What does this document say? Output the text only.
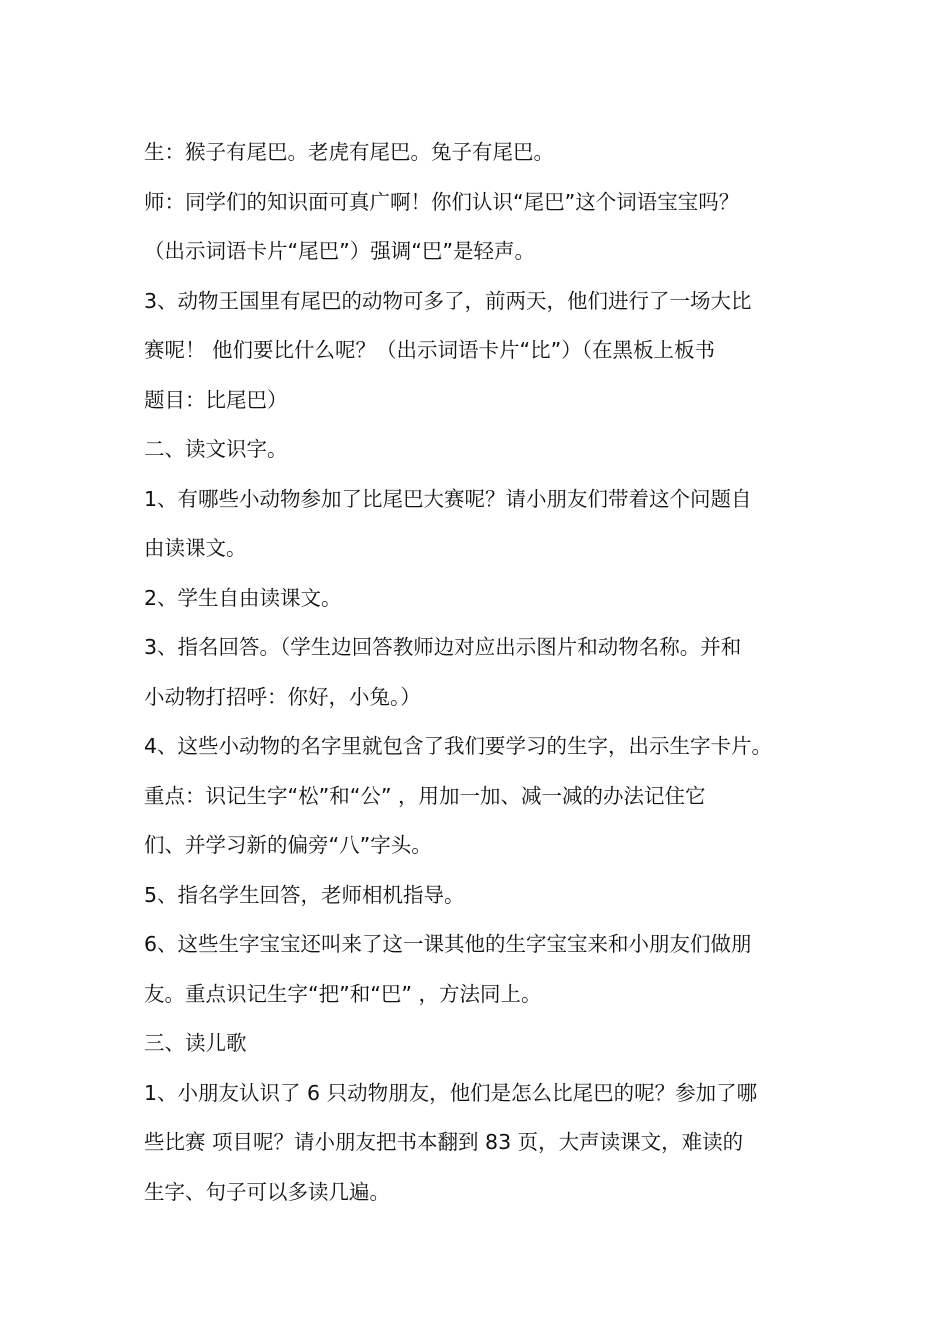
生：猴子有尾巴。老虎有尾巴。兔子有尾巴。
师：同学们的知识面可真广啊！你们认识“尾巴”这个词语宝宝吗？
（出示词语卡片“尾巴”）强调“巴”是轻声。
3、动物王国里有尾巴的动物可多了，前两天，他们进行了一场大比
赛呢！ 他们要比什么呢？（出示词语卡片“比”）（在黑板上板书
题目：比尾巴）
二、读文识字。
1、有哪些小动物参加了比尾巴大赛呢？请小朋友们带着这个问题自
由读课文。
2、学生自由读课文。
3、指名回答。（学生边回答教师边对应出示图片和动物名称。并和
小动物打招呼：你好，小兔。）
4、这些小动物的名字里就包含了我们要学习的生字，出示生字卡片。
重点：识记生字“松”和“公” ，用加一加、减一减的办法记住它
们、并学习新的偏旁“八”字头。
5、指名学生回答，老师相机指导。
6、这些生字宝宝还叫来了这一课其他的生字宝宝来和小朋友们做朋
友。重点识记生字“把”和“巴” ，方法同上。
三、读儿歌
1、小朋友认识了 6 只动物朋友，他们是怎么比尾巴的呢？参加了哪
些比赛 项目呢？请小朋友把书本翻到 83 页，大声读课文，难读的
生字、句子可以多读几遍。
